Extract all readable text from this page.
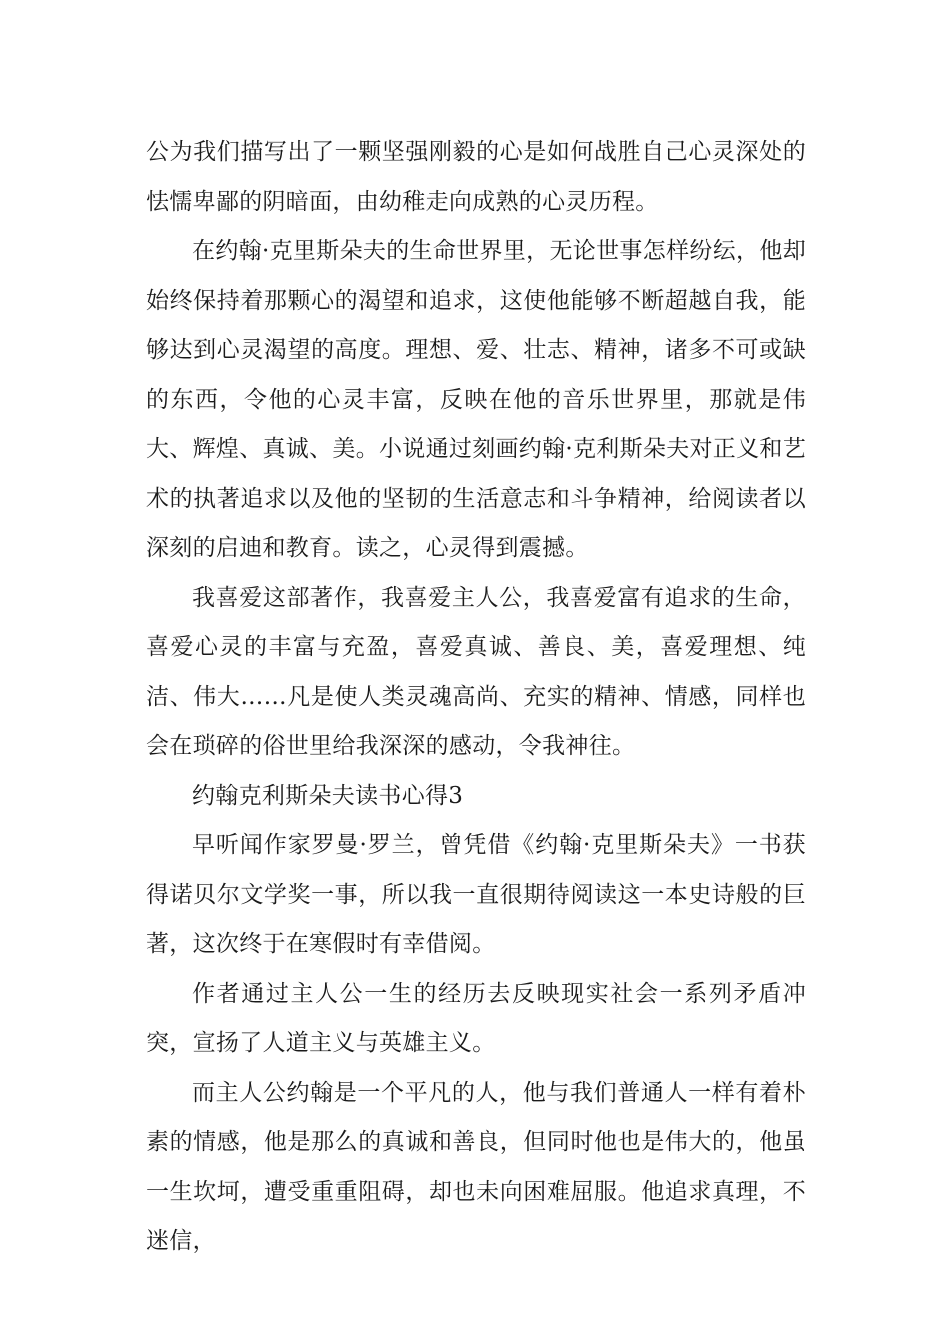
公为我们描写出了一颗坚强刚毅的心是如何战胜自己心灵深处的怯懦卑鄙的阴暗面，由幼稚走向成熟的心灵历程。

在约翰·克里斯朵夫的生命世界里，无论世事怎样纷纭，他却始终保持着那颗心的渴望和追求，这使他能够不断超越自我，能够达到心灵渴望的高度。理想、爱、壮志、精神，诸多不可或缺的东西，令他的心灵丰富，反映在他的音乐世界里，那就是伟大、辉煌、真诚、美。小说通过刻画约翰·克利斯朵夫对正义和艺术的执著追求以及他的坚韧的生活意志和斗争精神，给阅读者以深刻的启迪和教育。读之，心灵得到震撼。

我喜爱这部著作，我喜爱主人公，我喜爱富有追求的生命，喜爱心灵的丰富与充盈，喜爱真诚、善良、美，喜爱理想、纯洁、伟大……凡是使人类灵魂高尚、充实的精神、情感，同样也会在琐碎的俗世里给我深深的感动，令我神往。

约翰克利斯朵夫读书心得3

早听闻作家罗曼·罗兰，曾凭借《约翰·克里斯朵夫》一书获得诺贝尔文学奖一事，所以我一直很期待阅读这一本史诗般的巨著，这次终于在寒假时有幸借阅。

作者通过主人公一生的经历去反映现实社会一系列矛盾冲突，宣扬了人道主义与英雄主义。

而主人公约翰是一个平凡的人，他与我们普通人一样有着朴素的情感，他是那么的真诚和善良，但同时他也是伟大的，他虽一生坎坷，遭受重重阻碍，却也未向困难屈服。他追求真理，不迷信，
